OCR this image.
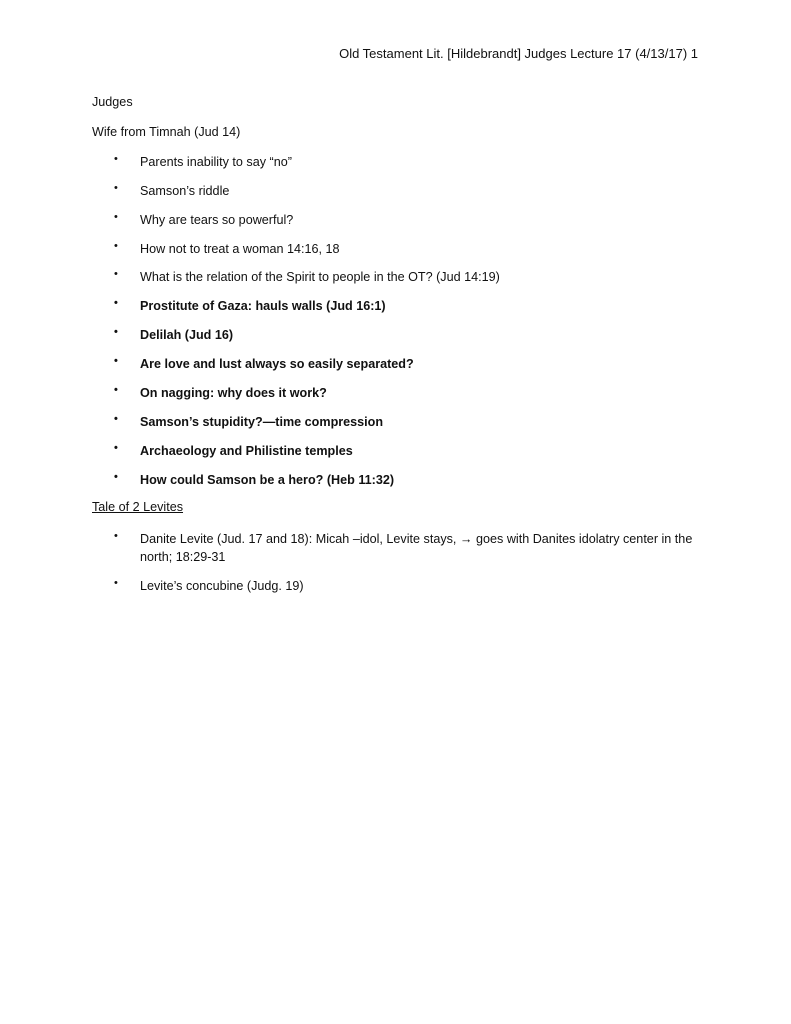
Old Testament Lit. [Hildebrandt] Judges Lecture 17 (4/13/17) 1
Judges
Wife from Timnah (Jud 14)
•	Parents inability to say “no”
•	Samson’s riddle
•	Why are tears so powerful?
•	How not to treat a woman 14:16, 18
•	What is the relation of the Spirit to people in the OT? (Jud 14:19)
•	Prostitute of Gaza: hauls walls (Jud 16:1)
•	Delilah (Jud 16)
•	Are love and lust always so easily separated?
•	On nagging: why does it work?
•	Samson’s stupidity?—time compression
•	Archaeology and Philistine temples
•	How could Samson be a hero? (Heb 11:32)
Tale of 2 Levites
•	Danite Levite (Jud. 17 and 18): Micah –idol, Levite stays, → goes with Danites idolatry center in the north; 18:29-31
•	Levite’s concubine (Judg. 19)
